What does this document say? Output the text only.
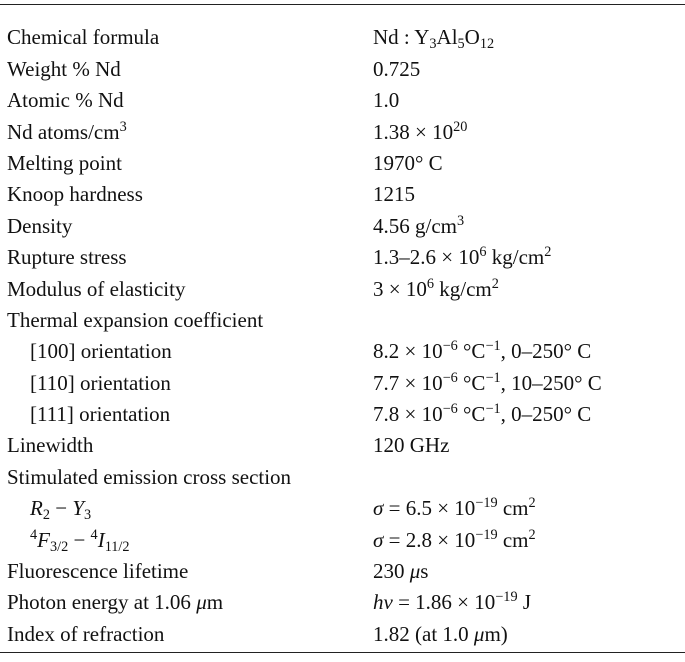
Chemical formula	Nd : $Y_3Al_5O_{12}$
Weight % Nd	0.725
Atomic % Nd	1.0
Nd atoms/$cm^3$	$1.38 \times 10^{20}$
Melting point	1970° C
Knoop hardness	1215
Density	4.56 $g/cm^3$
Rupture stress	$1.3-2.6 \times 10^6$ $kg/cm^2$
Modulus of elasticity	$3 \times 10^6$ $kg/cm^2$
Thermal expansion coefficient
[100] orientation	$8.2 \times 10^{-6}$ $^\circ C^{-1}$, 0–250° C
[110] orientation	$7.7 \times 10^{-6}$ $^\circ C^{-1}$, 10–250° C
[111] orientation	$7.8 \times 10^{-6}$ $^\circ C^{-1}$, 0–250° C
Linewidth	120 GHz
Stimulated emission cross section
$R_2 - Y_3$	$\sigma = 6.5 \times 10^{-19}$ $cm^2$
$^4F_{3/2} - ^4I_{11/2}$	$\sigma = 2.8 \times 10^{-19}$ $cm^2$
Fluorescence lifetime	230 μs
Photon energy at 1.06 μm	$h\nu = 1.86 \times 10^{-19}$ J
Index of refraction	1.82 (at 1.0 μm)
